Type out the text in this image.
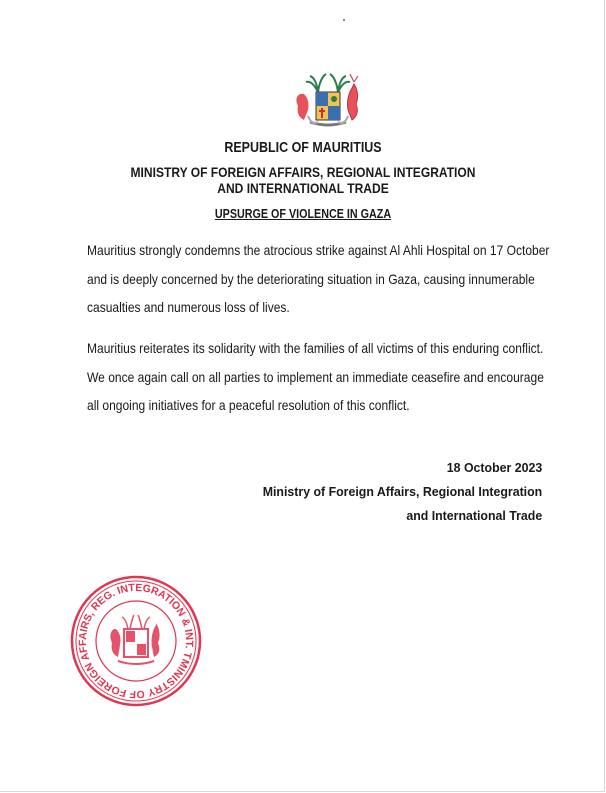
REPUBLIC OF MAURITIUS
MINISTRY OF FOREIGN AFFAIRS, REGIONAL INTEGRATION
AND INTERNATIONAL TRADE
UPSURGE OF VIOLENCE IN GAZA
Mauritius strongly condemns the atrocious strike against Al Ahli Hospital on 17 October
and is deeply concerned by the deteriorating situation in Gaza, causing innumerable
casualties and numerous loss of lives.
Mauritius reiterates its solidarity with the families of all victims of this enduring conflict.
We once again call on all parties to implement an immediate ceasefire and encourage
all ongoing initiatives for a peaceful resolution of this conflict.
18 October 2023
Ministry of Foreign Affairs, Regional Integration
and International Trade
MINISTRY OF FOREIGN AFFAIRS, REG. INTEGRATION & INT. TRADE
